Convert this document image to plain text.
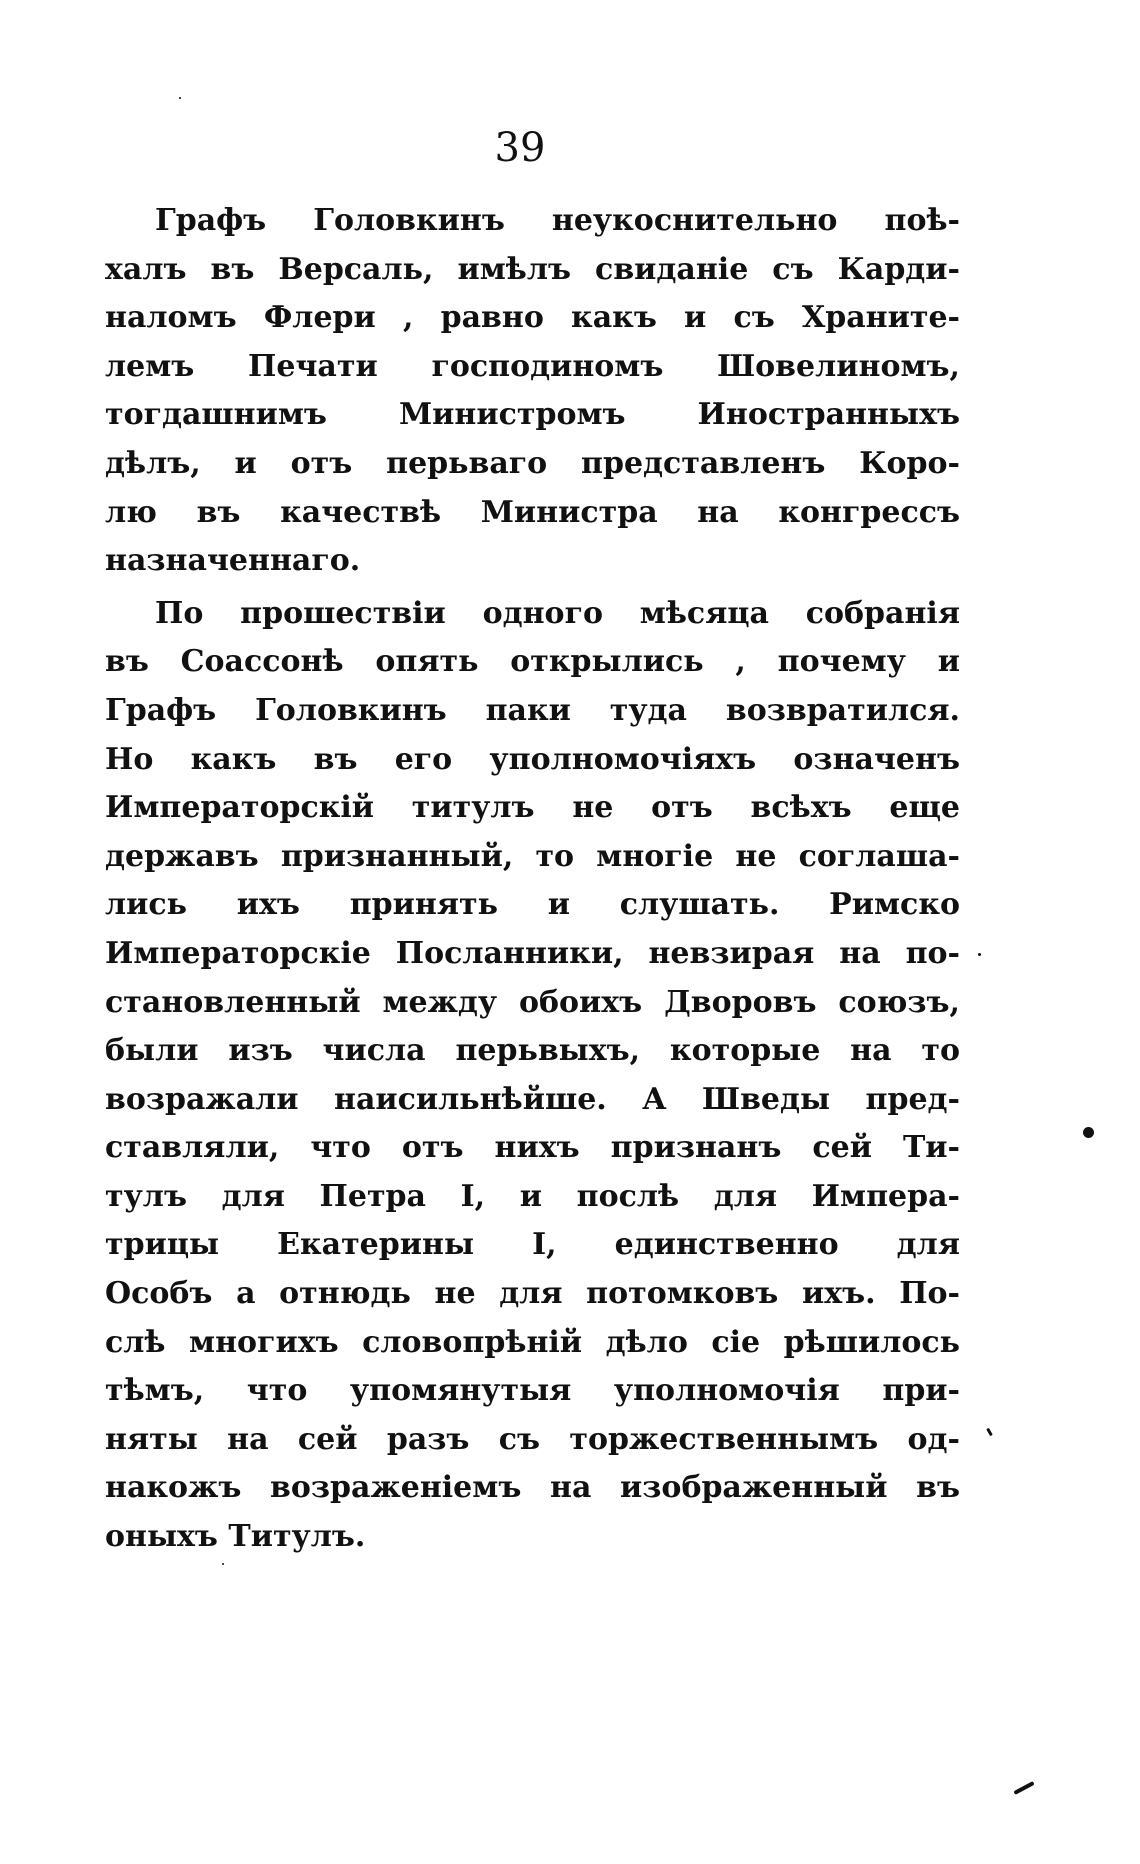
39
Графъ Головкинъ неукоснительно поѣ-
халъ въ Версаль, имѣлъ свиданіе съ Карди-
наломъ Флери , равно какъ и съ Храните-
лемъ Печати господиномъ Шовелиномъ,
тогдашнимъ Министромъ Иностранныхъ
дѣлъ, и отъ перьваго представленъ Коро-
лю въ качествѣ Министра на конгрессъ
назначеннаго.
По прошествіи одного мѣсяца собранія
въ Соассонѣ опять открылись , почему и
Графъ Головкинъ паки туда возвратился.
Но какъ въ его уполномочіяхъ означенъ
Императорскій титулъ не отъ всѣхъ еще
державъ признанный, то многіе не соглаша-
лись ихъ принять и слушать. Римско
Императорскіе Посланники, невзирая на по-
становленный между обоихъ Дворовъ союзъ,
были изъ числа перьвыхъ, которые на то
возражали наисильнѣйше. А Шведы пред-
ставляли, что отъ нихъ признанъ сей Ти-
тулъ для Петра I, и послѣ для Импера-
трицы Екатерины I, единственно для
Особъ а отнюдь не для потомковъ ихъ. По-
слѣ многихъ словопрѣній дѣло сіе рѣшилось
тѣмъ, что упомянутыя уполномочія при-
няты на сей разъ съ торжественнымъ од-
накожъ возраженіемъ на изображенный въ
оныхъ Титулъ.
